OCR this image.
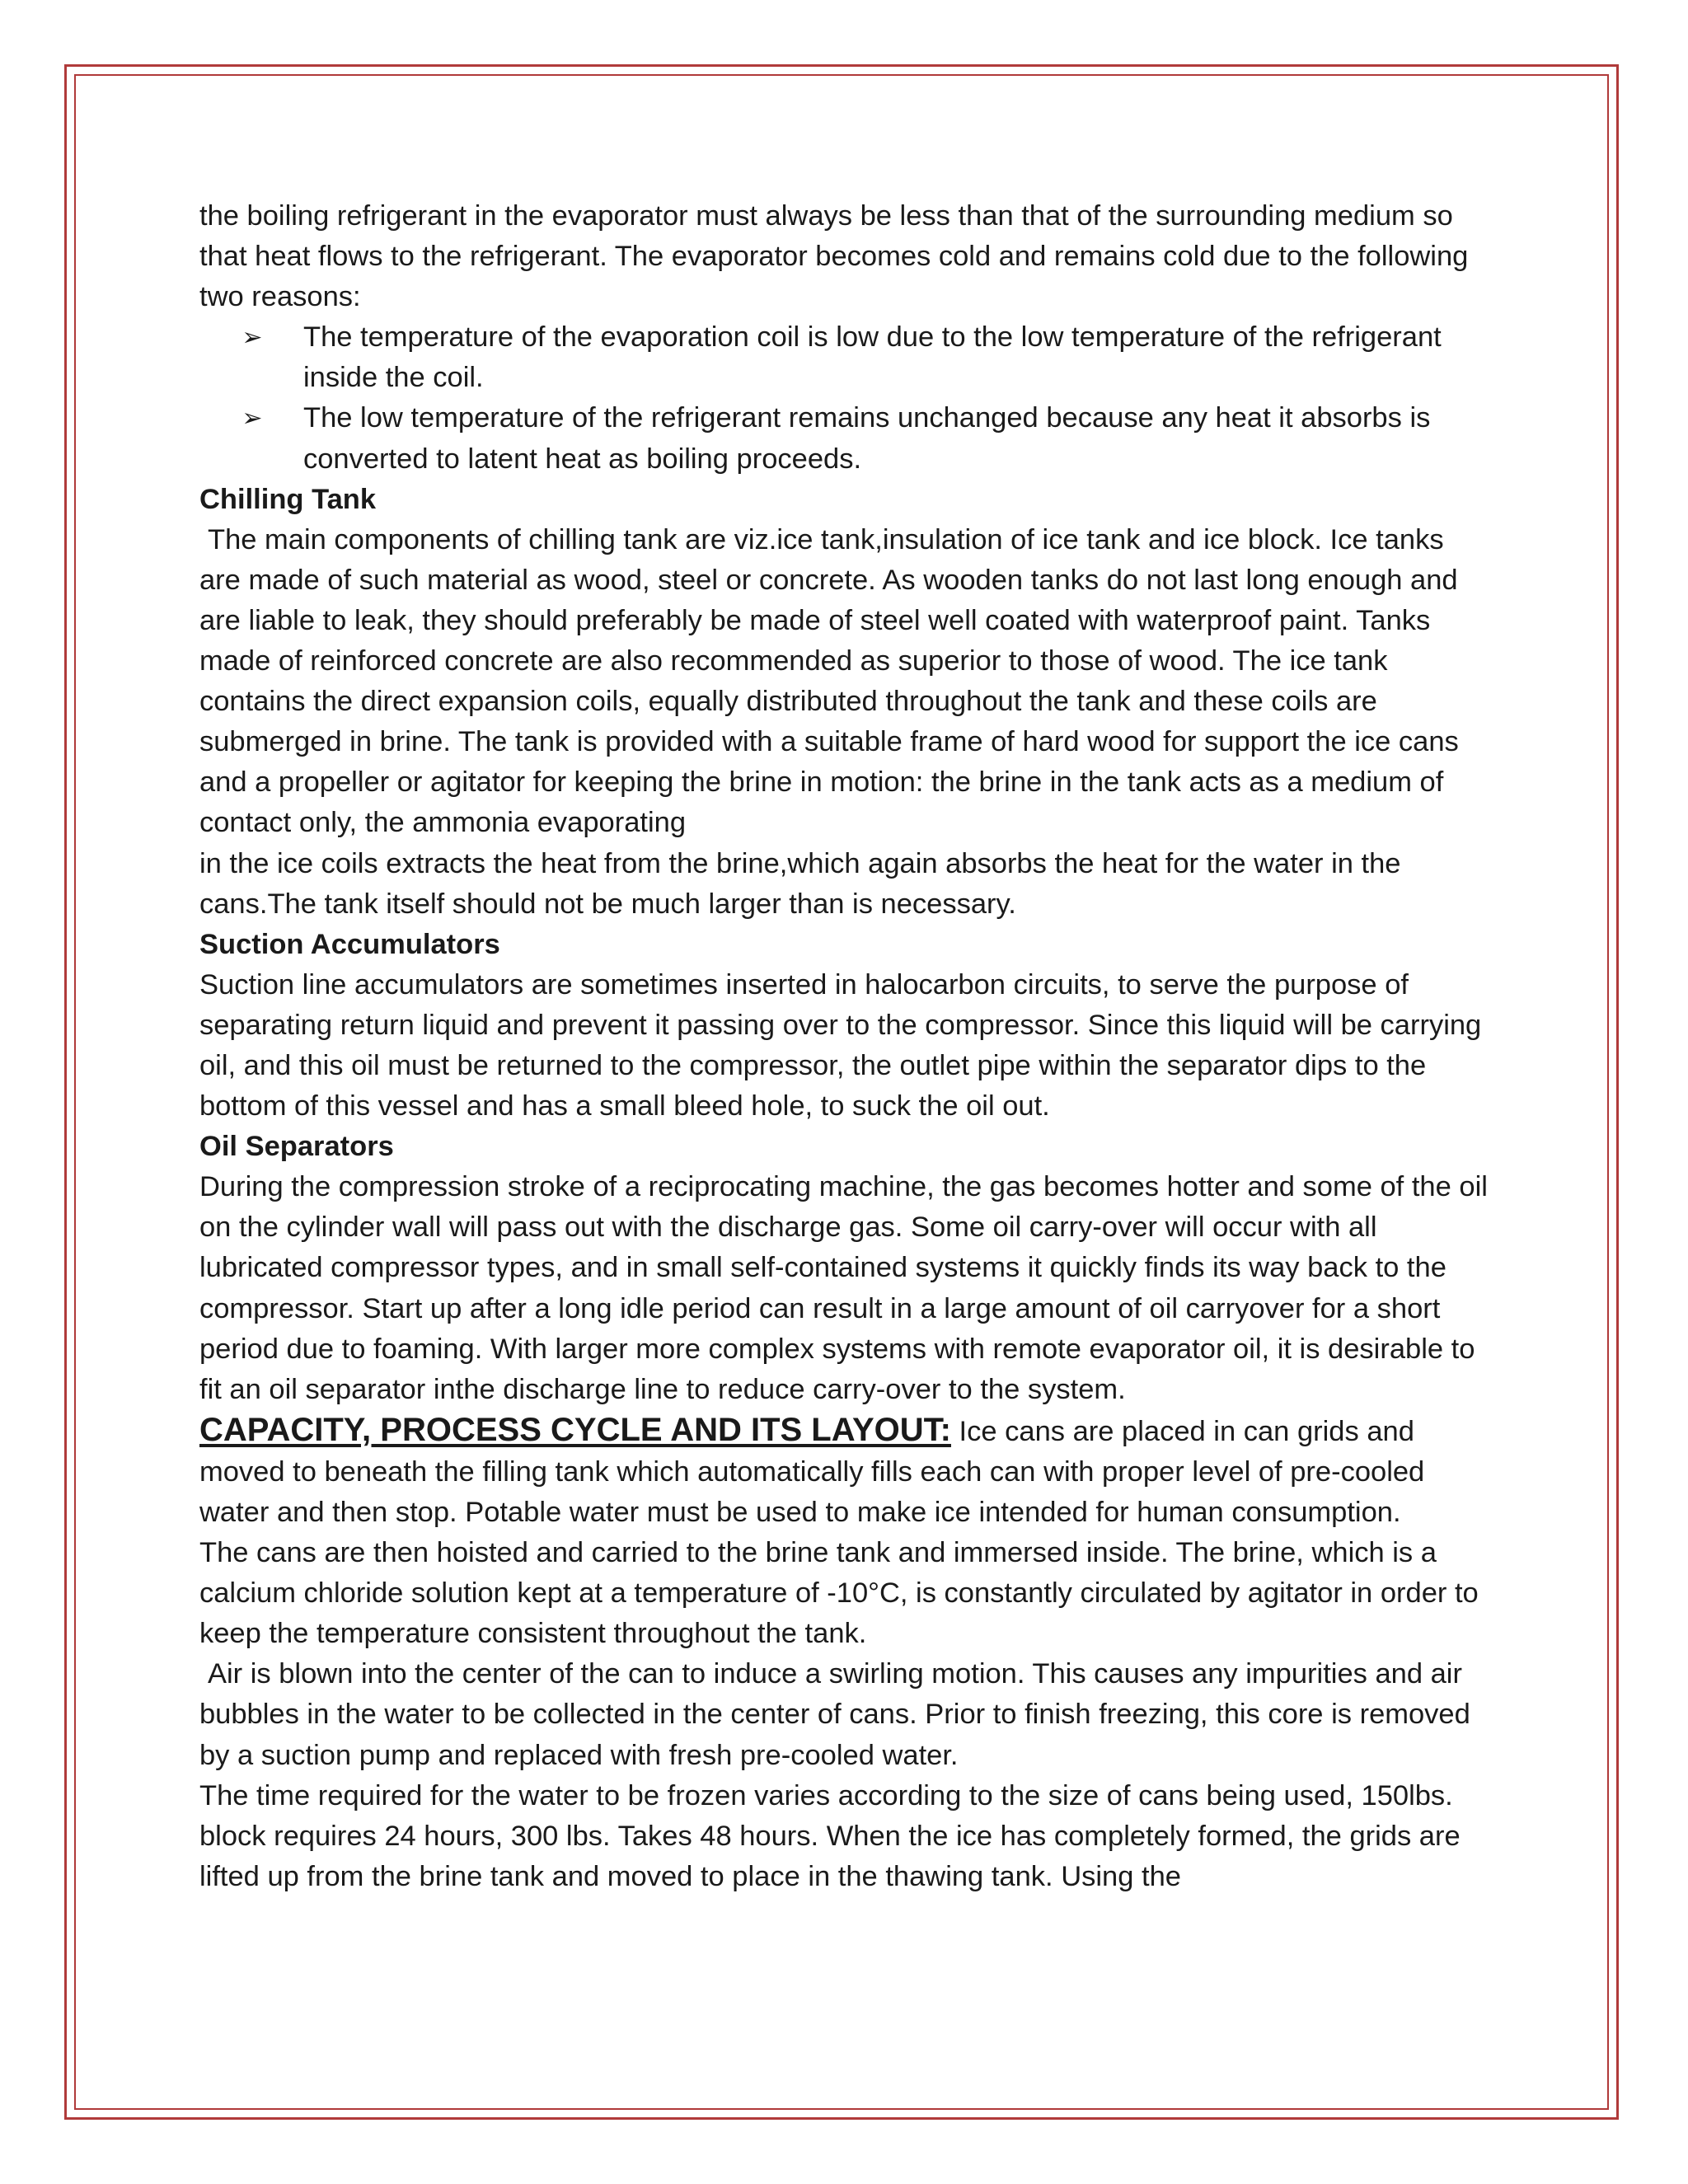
the boiling refrigerant in the evaporator must always be less than that of the surrounding medium so that heat flows to the refrigerant. The evaporator becomes cold and remains cold due to the following two reasons:

➢ The temperature of the evaporation coil is low due to the low temperature of the refrigerant inside the coil.
➢ The low temperature of the refrigerant remains unchanged because any heat it absorbs is converted to latent heat as boiling proceeds.

Chilling Tank

The main components of chilling tank are viz.ice tank,insulation of ice tank and ice block. Ice tanks are made of such material as wood, steel or concrete. As wooden tanks do not last long enough and are liable to leak, they should preferably be made of steel well coated with waterproof paint. Tanks made of reinforced concrete are also recommended as superior to those of wood. The ice tank contains the direct expansion coils, equally distributed throughout the tank and these coils are submerged in brine. The tank is provided with a suitable frame of hard wood for support the ice cans and a propeller or agitator for keeping the brine in motion: the brine in the tank acts as a medium of contact only, the ammonia evaporating

in the ice coils extracts the heat from the brine,which again absorbs the heat for the water in the cans.The tank itself should not be much larger than is necessary.

Suction Accumulators

Suction line accumulators are sometimes inserted in halocarbon circuits, to serve the purpose of separating return liquid and prevent it passing over to the compressor. Since this liquid will be carrying oil, and this oil must be returned to the compressor, the outlet pipe within the separator dips to the bottom of this vessel and has a small bleed hole, to suck the oil out.

Oil Separators

During the compression stroke of a reciprocating machine, the gas becomes hotter and some of the oil on the cylinder wall will pass out with the discharge gas. Some oil carry-over will occur with all lubricated compressor types, and in small self-contained systems it quickly finds its way back to the compressor. Start up after a long idle period can result in a large amount of oil carryover for a short period due to foaming. With larger more complex systems with remote evaporator oil, it is desirable to fit an oil separator inthe discharge line to reduce carry-over to the system.

CAPACITY, PROCESS CYCLE AND ITS LAYOUT: Ice cans are placed in can grids and moved to beneath the filling tank which automatically fills each can with proper level of pre-cooled water and then stop. Potable water must be used to make ice intended for human consumption.

The cans are then hoisted and carried to the brine tank and immersed inside. The brine, which is a calcium chloride solution kept at a temperature of -10°C, is constantly circulated by agitator in order to keep the temperature consistent throughout the tank.

Air is blown into the center of the can to induce a swirling motion. This causes any impurities and air bubbles in the water to be collected in the center of cans. Prior to finish freezing, this core is removed by a suction pump and replaced with fresh pre-cooled water.

The time required for the water to be frozen varies according to the size of cans being used, 150lbs. block requires 24 hours, 300 lbs. Takes 48 hours. When the ice has completely formed, the grids are lifted up from the brine tank and moved to place in the thawing tank. Using the
